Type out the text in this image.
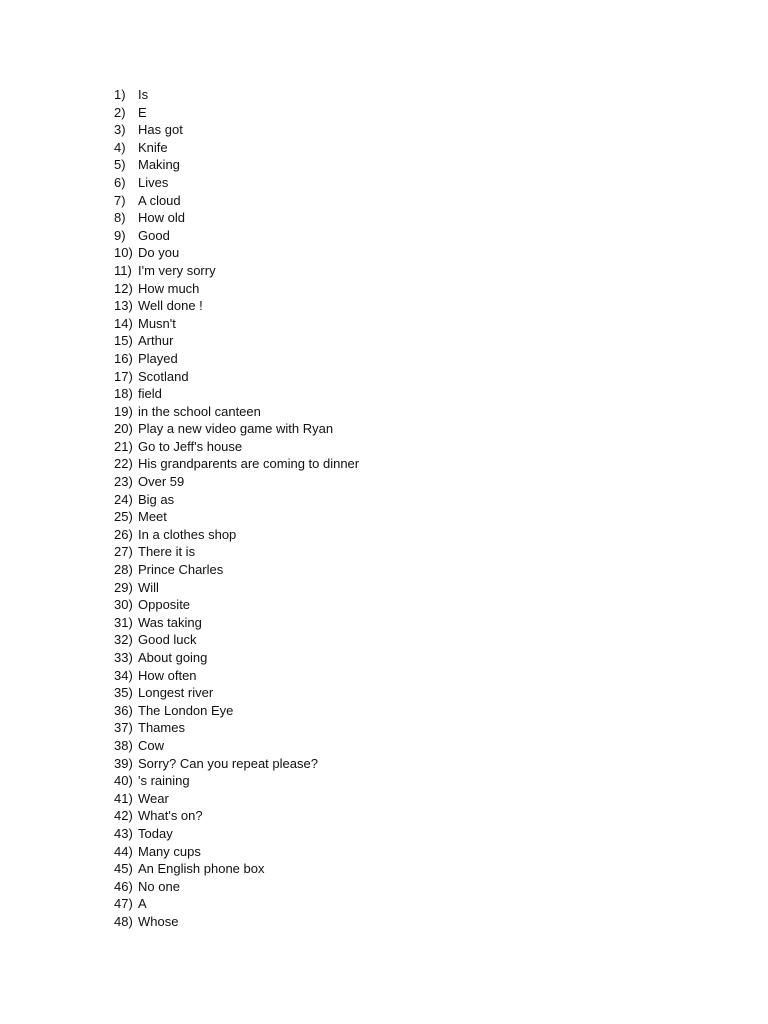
1) Is
2) E
3) Has got
4) Knife
5) Making
6) Lives
7) A cloud
8) How old
9) Good
10) Do you
11) I'm very sorry
12) How much
13) Well done !
14) Musn't
15) Arthur
16) Played
17) Scotland
18) field
19) in the school canteen
20) Play a new video game with Ryan
21) Go to Jeff's house
22) His grandparents are coming to dinner
23) Over 59
24) Big as
25) Meet
26) In a clothes shop
27) There it is
28) Prince Charles
29) Will
30) Opposite
31) Was taking
32) Good luck
33) About going
34) How often
35) Longest river
36) The London Eye
37) Thames
38) Cow
39) Sorry? Can you repeat please?
40) 's raining
41) Wear
42) What's on?
43) Today
44) Many cups
45) An English phone box
46) No one
47) A
48) Whose
